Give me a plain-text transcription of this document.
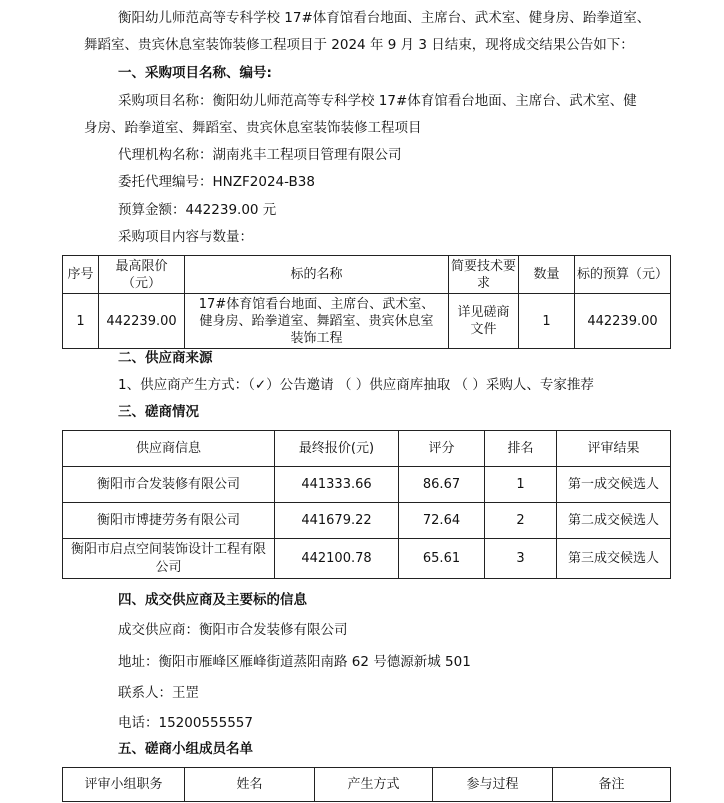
衡阳幼儿师范高等专科学校 17#体育馆看台地面、主席台、武术室、健身房、跆拳道室、
舞蹈室、贵宾休息室装饰装修工程项目于 2024 年 9 月 3 日结束，现将成交结果公告如下：
一、采购项目名称、编号:
采购项目名称：衡阳幼儿师范高等专科学校 17#体育馆看台地面、主席台、武术室、健
身房、跆拳道室、舞蹈室、贵宾休息室装饰装修工程项目
代理机构名称：湖南兆丰工程项目管理有限公司
委托代理编号：HNZF2024-B38
预算金额：442239.00 元
采购项目内容与数量：
序号	最高限价（元）	标的名称	简要技术要求	数量	标的预算（元）
1	442239.00	17#体育馆看台地面、主席台、武术室、健身房、跆拳道室、舞蹈室、贵宾休息室装饰工程	详见磋商文件	1	442239.00
二、供应商来源
1、供应商产生方式：（✓）公告邀请 （ ）供应商库抽取 （ ）采购人、专家推荐
三、磋商情况
供应商信息	最终报价(元)	评分	排名	评审结果
衡阳市合发装修有限公司	441333.66	86.67	1	第一成交候选人
衡阳市博捷劳务有限公司	441679.22	72.64	2	第二成交候选人
衡阳市启点空间装饰设计工程有限公司	442100.78	65.61	3	第三成交候选人
四、成交供应商及主要标的信息
成交供应商：衡阳市合发装修有限公司
地址：衡阳市雁峰区雁峰街道蒸阳南路 62 号德源新城 501
联系人：王罡
电话：15200555557
五、磋商小组成员名单
评审小组职务	姓名	产生方式	参与过程	备注
